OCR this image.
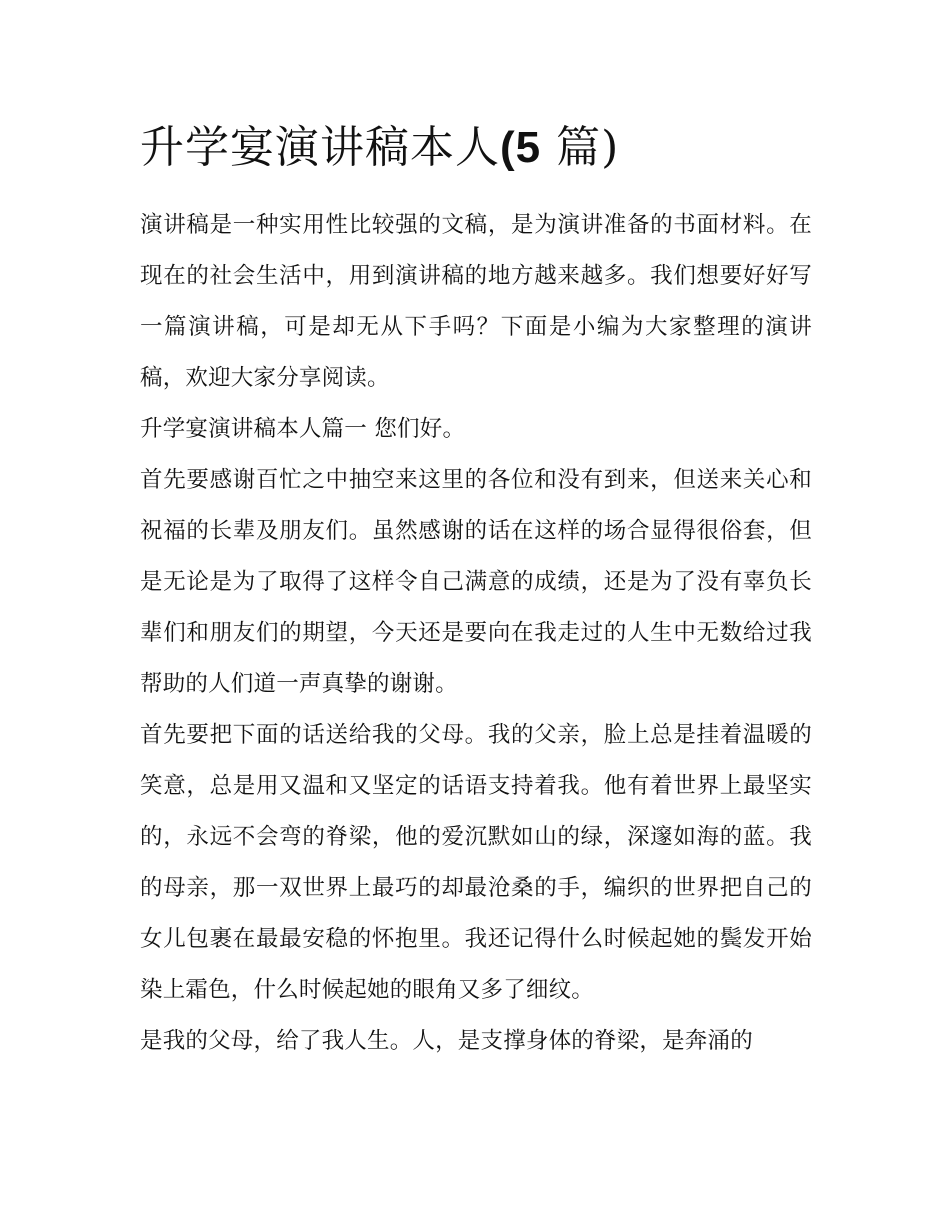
升学宴演讲稿本人(5 篇)

演讲稿是一种实用性比较强的文稿，是为演讲准备的书面材料。在现在的社会生活中，用到演讲稿的地方越来越多。我们想要好好写一篇演讲稿，可是却无从下手吗？下面是小编为大家整理的演讲稿，欢迎大家分享阅读。

升学宴演讲稿本人篇一 您们好。

首先要感谢百忙之中抽空来这里的各位和没有到来，但送来关心和祝福的长辈及朋友们。虽然感谢的话在这样的场合显得很俗套，但是无论是为了取得了这样令自己满意的成绩，还是为了没有辜负长辈们和朋友们的期望，今天还是要向在我走过的人生中无数给过我帮助的人们道一声真挚的谢谢。

首先要把下面的话送给我的父母。我的父亲，脸上总是挂着温暖的笑意，总是用又温和又坚定的话语支持着我。他有着世界上最坚实的，永远不会弯的脊梁，他的爱沉默如山的绿，深邃如海的蓝。我的母亲，那一双世界上最巧的却最沧桑的手，编织的世界把自己的女儿包裹在最最安稳的怀抱里。我还记得什么时候起她的鬓发开始染上霜色，什么时候起她的眼角又多了细纹。

是我的父母，给了我人生。人，是支撑身体的脊梁，是奔涌的
